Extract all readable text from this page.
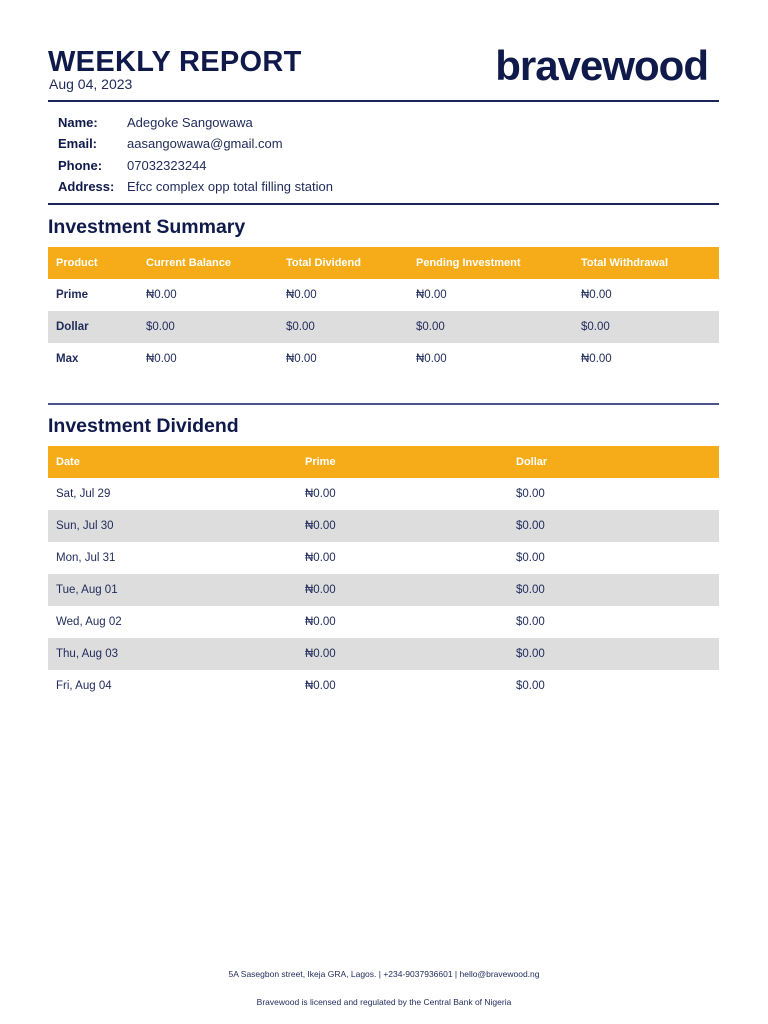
WEEKLY REPORT
Aug 04, 2023	bravewood
Name:	Adegoke Sangowawa
Email:	aasangowawa@gmail.com
Phone:	07032323244
Address: Efcc complex opp total filling station
Investment Summary
Product	Current Balance	Total Dividend	Pending Investment	Total Withdrawal
Prime	₦0.00	₦0.00	₦0.00	₦0.00
Dollar	$0.00	$0.00	$0.00	$0.00
Max	₦0.00	₦0.00	₦0.00	₦0.00
Investment Dividend
Date	Prime	Dollar
Sat, Jul 29	₦0.00	$0.00
Sun, Jul 30	₦0.00	$0.00
Mon, Jul 31	₦0.00	$0.00
Tue, Aug 01	₦0.00	$0.00
Wed, Aug 02	₦0.00	$0.00
Thu, Aug 03	₦0.00	$0.00
Fri, Aug 04	₦0.00	$0.00
5A Sasegbon street, Ikeja GRA, Lagos. | +234-9037936601 | hello@bravewood.ng
Bravewood is licensed and regulated by the Central Bank of Nigeria
